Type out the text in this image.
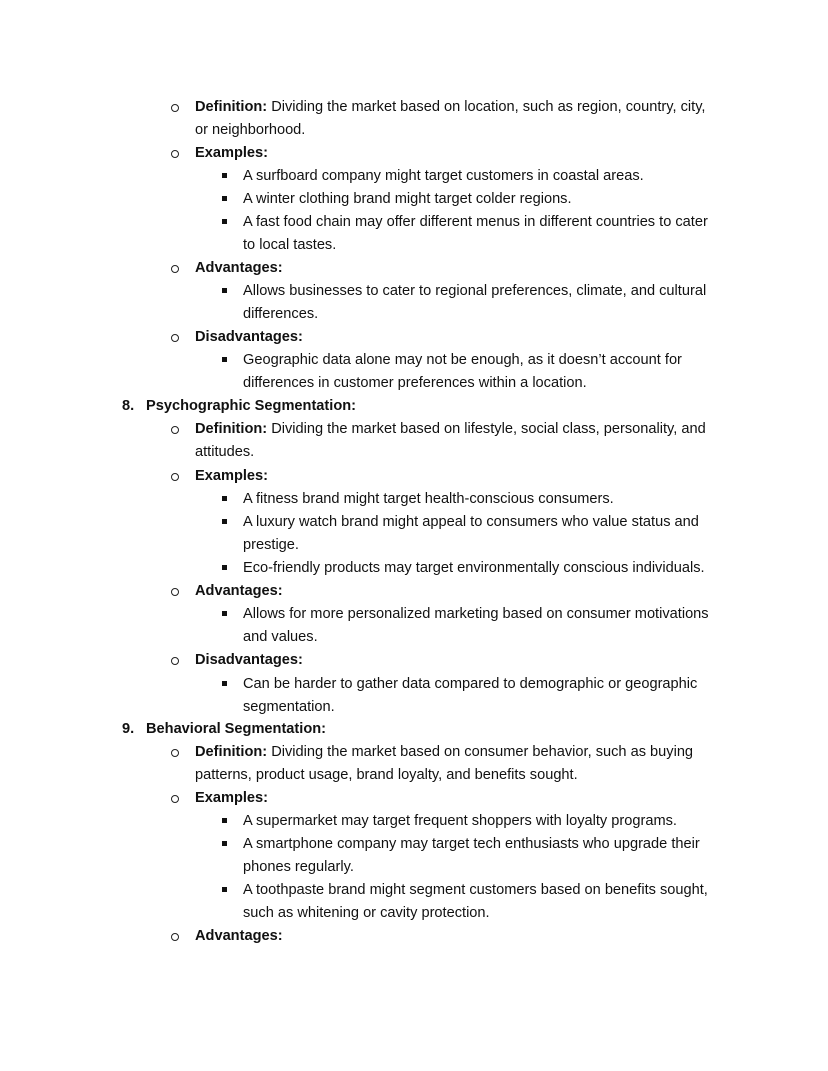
Definition: Dividing the market based on location, such as region, country, city,
or neighborhood.
Examples:
A surfboard company might target customers in coastal areas.
A winter clothing brand might target colder regions.
A fast food chain may offer different menus in different countries to cater
to local tastes.
Advantages:
Allows businesses to cater to regional preferences, climate, and cultural
differences.
Disadvantages:
Geographic data alone may not be enough, as it doesn’t account for
differences in customer preferences within a location.
8. Psychographic Segmentation:
Definition: Dividing the market based on lifestyle, social class, personality, and
attitudes.
Examples:
A fitness brand might target health-conscious consumers.
A luxury watch brand might appeal to consumers who value status and
prestige.
Eco-friendly products may target environmentally conscious individuals.
Advantages:
Allows for more personalized marketing based on consumer motivations
and values.
Disadvantages:
Can be harder to gather data compared to demographic or geographic
segmentation.
9. Behavioral Segmentation:
Definition: Dividing the market based on consumer behavior, such as buying
patterns, product usage, brand loyalty, and benefits sought.
Examples:
A supermarket may target frequent shoppers with loyalty programs.
A smartphone company may target tech enthusiasts who upgrade their
phones regularly.
A toothpaste brand might segment customers based on benefits sought,
such as whitening or cavity protection.
Advantages:
